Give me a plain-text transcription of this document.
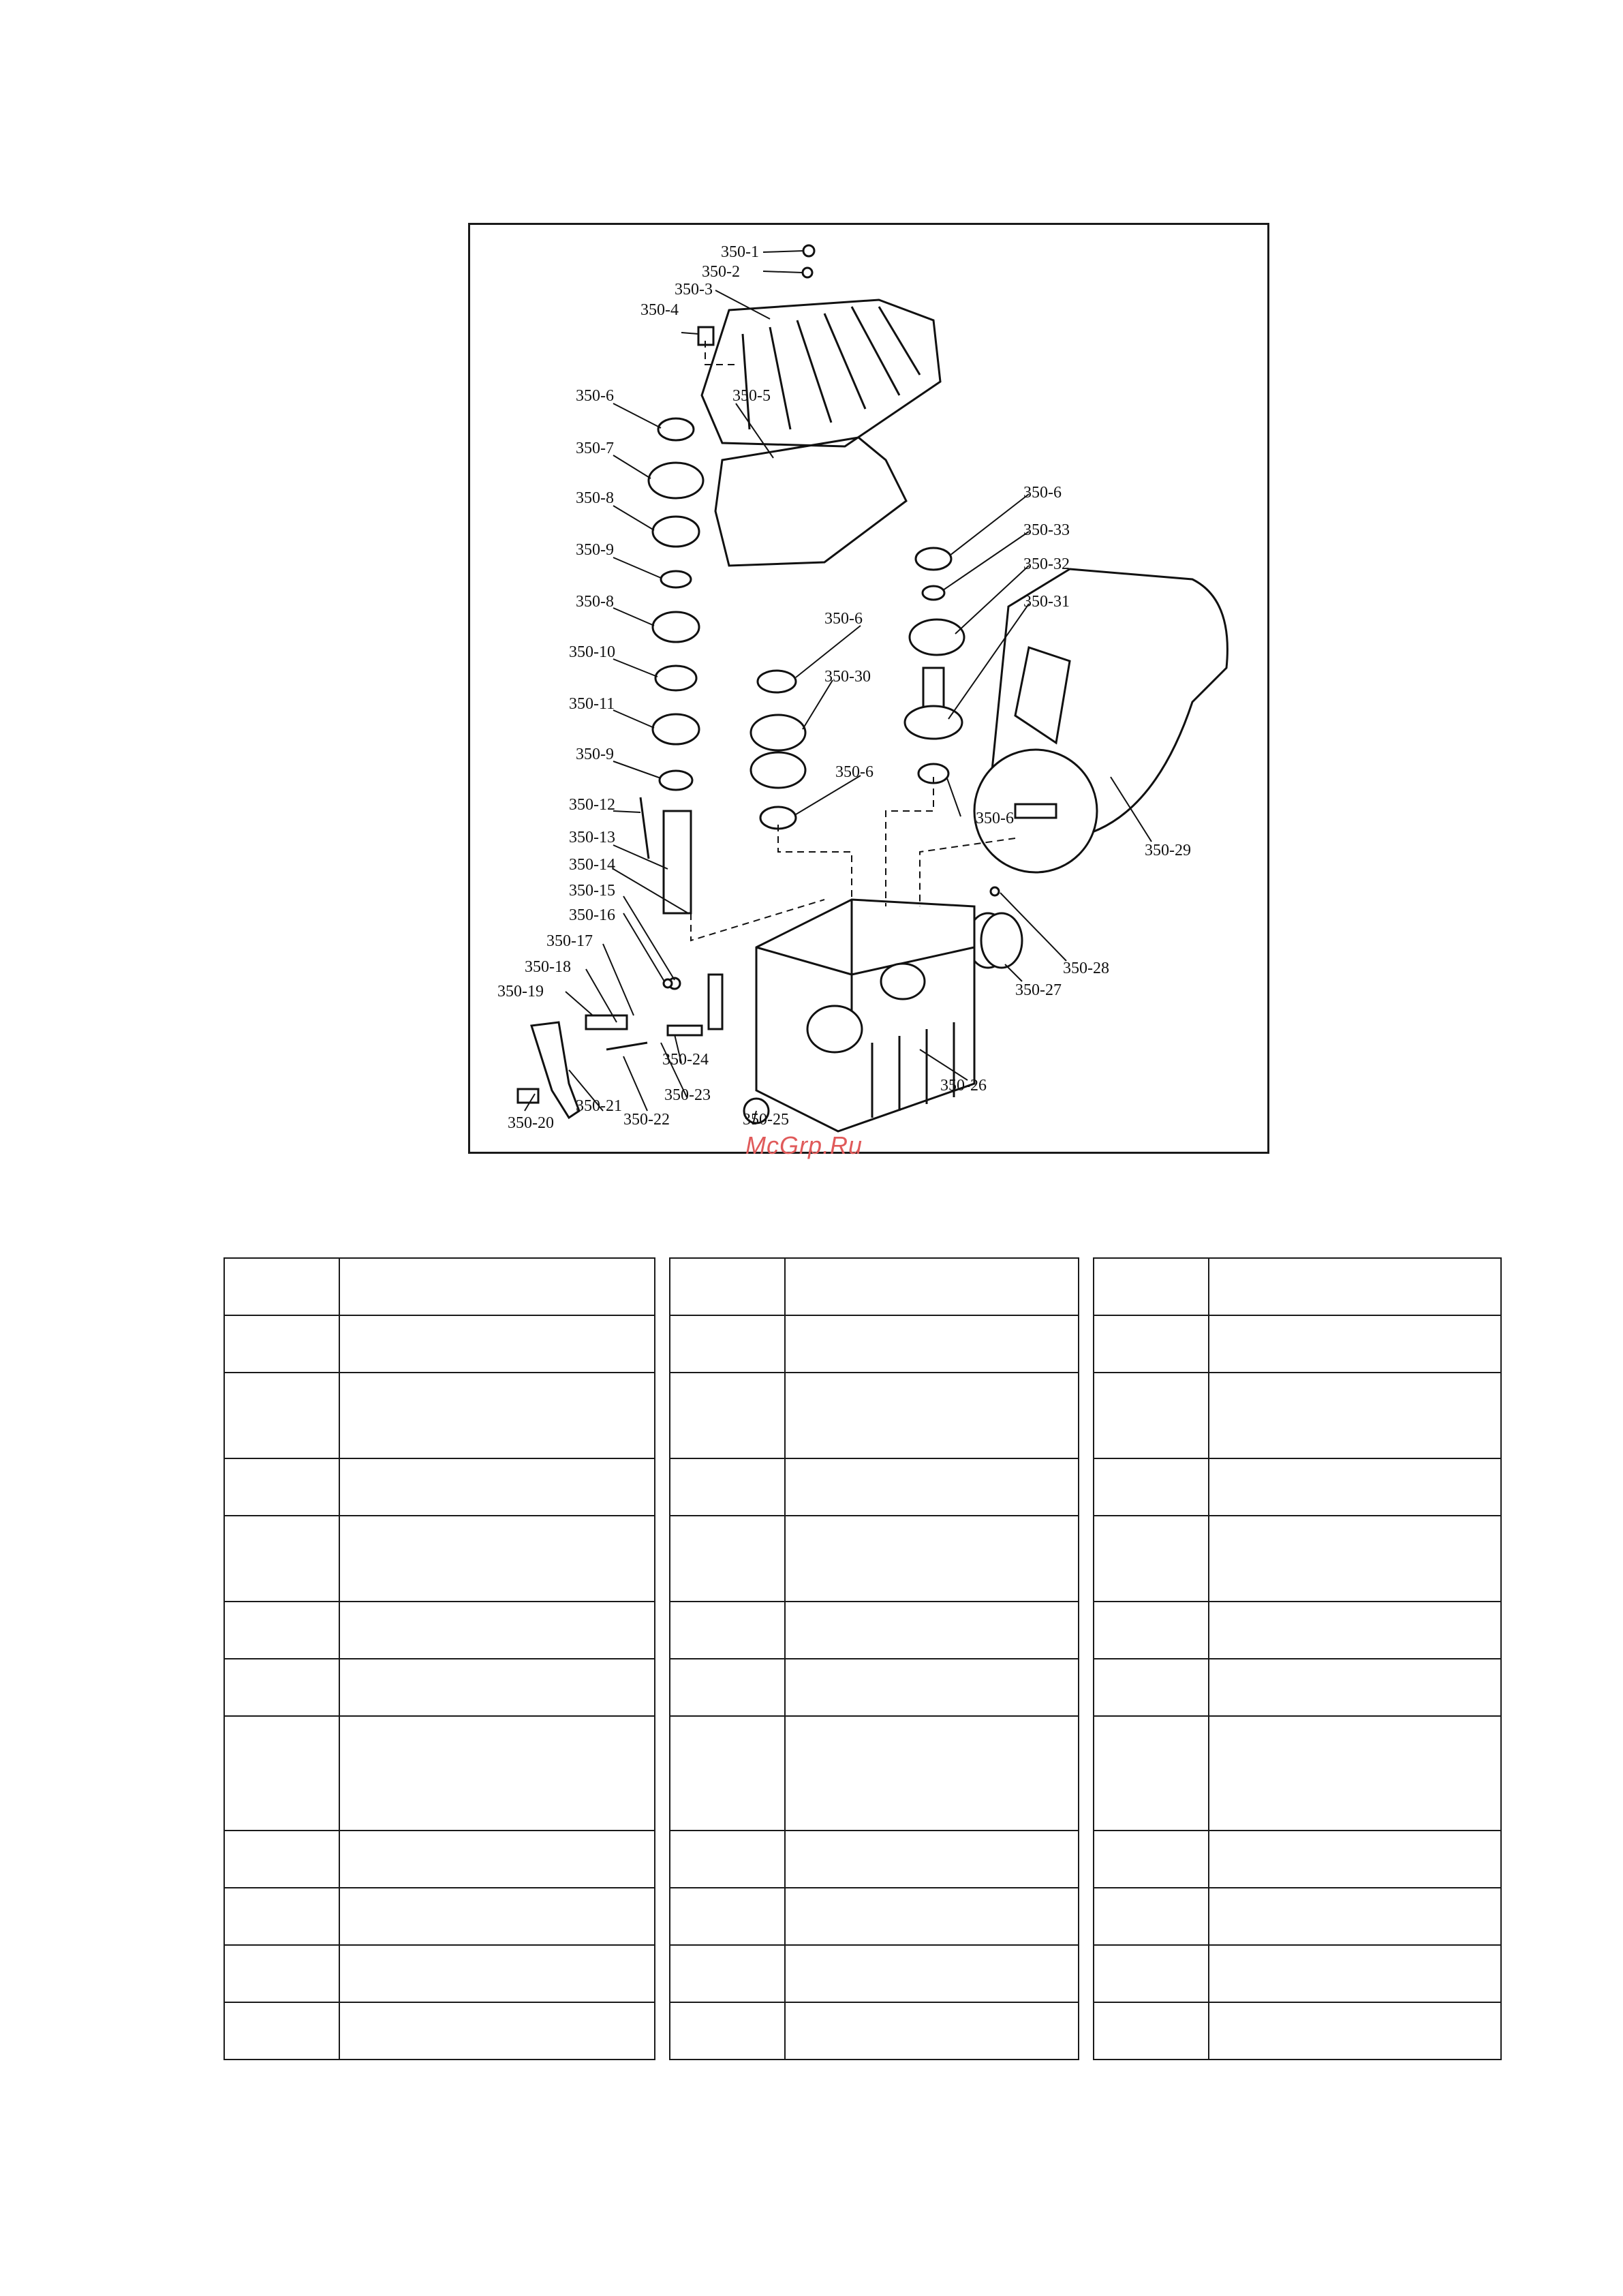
350-1
350-2
350-3
350-4
350-5
350-6
350-7
350-8
350-9
350-8
350-10
350-11
350-9
350-12
350-13
350-14
350-15
350-16
350-17
350-18
350-19
350-20
350-21
350-22
350-23
350-24
350-25
350-26
350-27
350-28
350-29
350-31
350-32
350-33
350-6
350-6
350-30
350-6
350-6
McGrp.Ru
